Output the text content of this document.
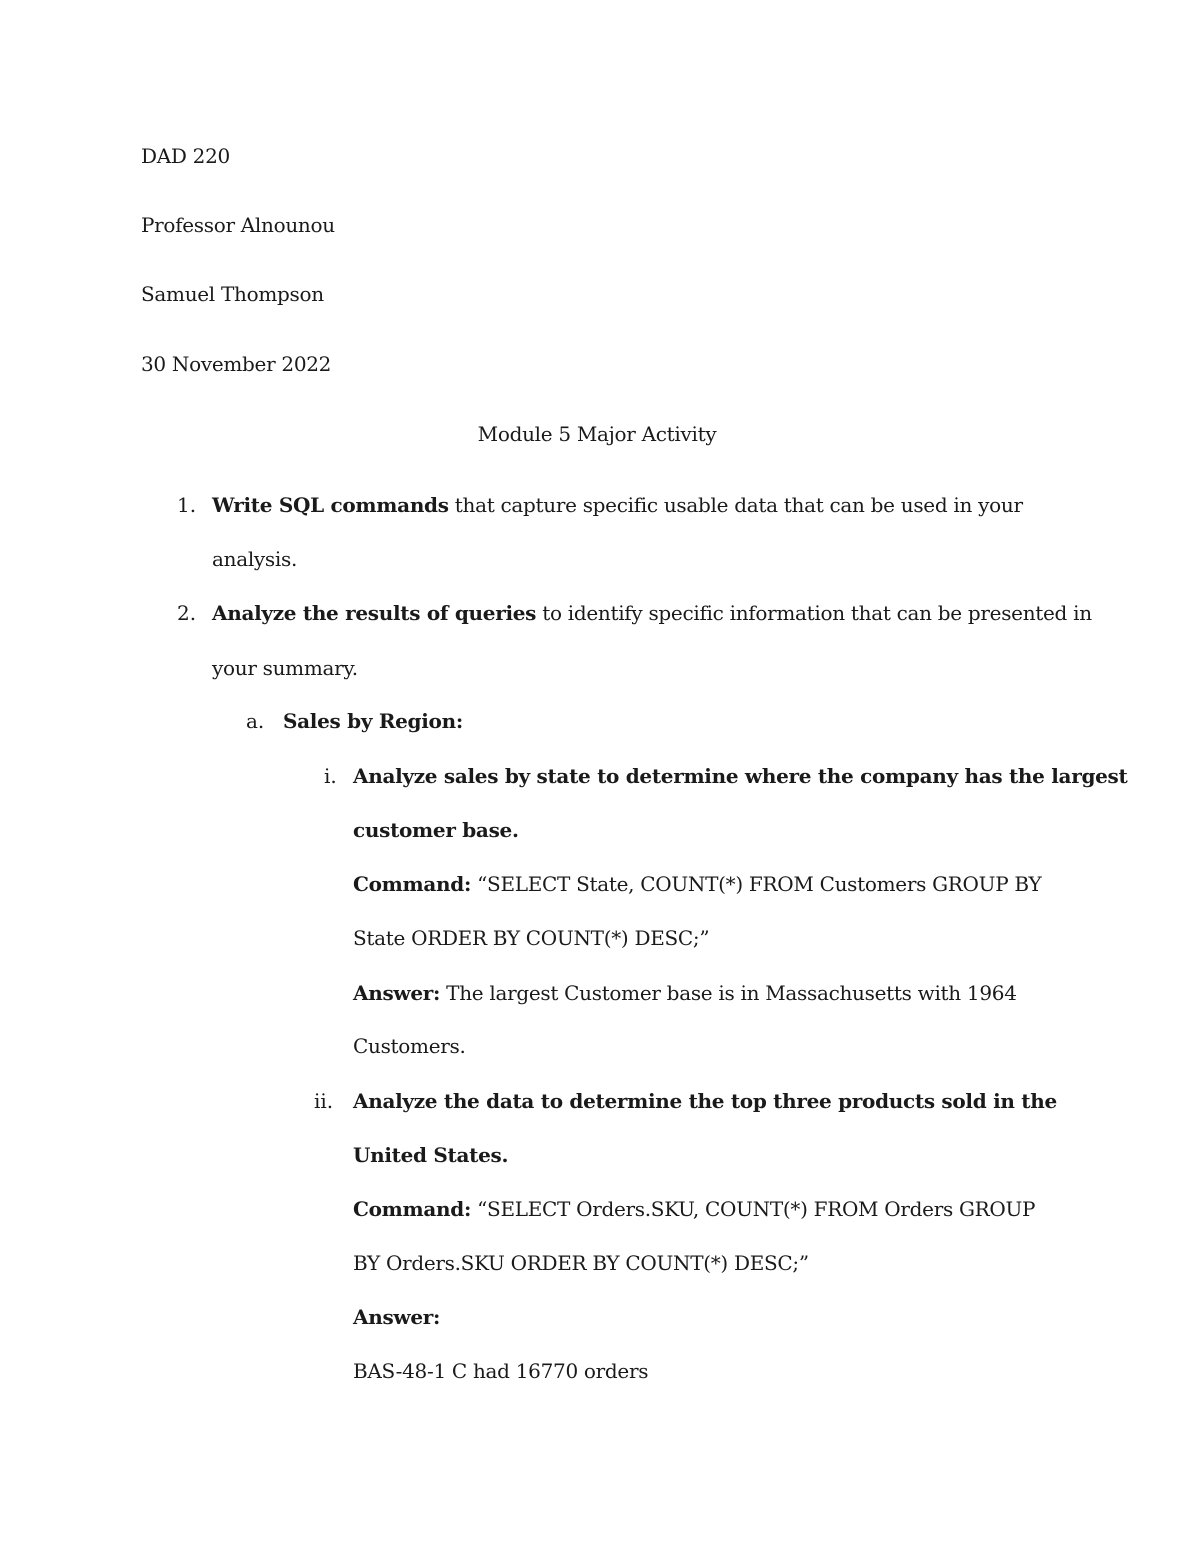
DAD 220
Professor Alnounou
Samuel Thompson
30 November 2022
Module 5 Major Activity
1. Write SQL commands that capture specific usable data that can be used in your
analysis.
2. Analyze the results of queries to identify specific information that can be presented in
your summary.
a. Sales by Region:
i. Analyze sales by state to determine where the company has the largest
customer base.
Command: “SELECT State, COUNT(*) FROM Customers GROUP BY
State ORDER BY COUNT(*) DESC;”
Answer: The largest Customer base is in Massachusetts with 1964
Customers.
ii. Analyze the data to determine the top three products sold in the
United States.
Command: “SELECT Orders.SKU, COUNT(*) FROM Orders GROUP
BY Orders.SKU ORDER BY COUNT(*) DESC;”
Answer:
BAS-48-1 C had 16770 orders
